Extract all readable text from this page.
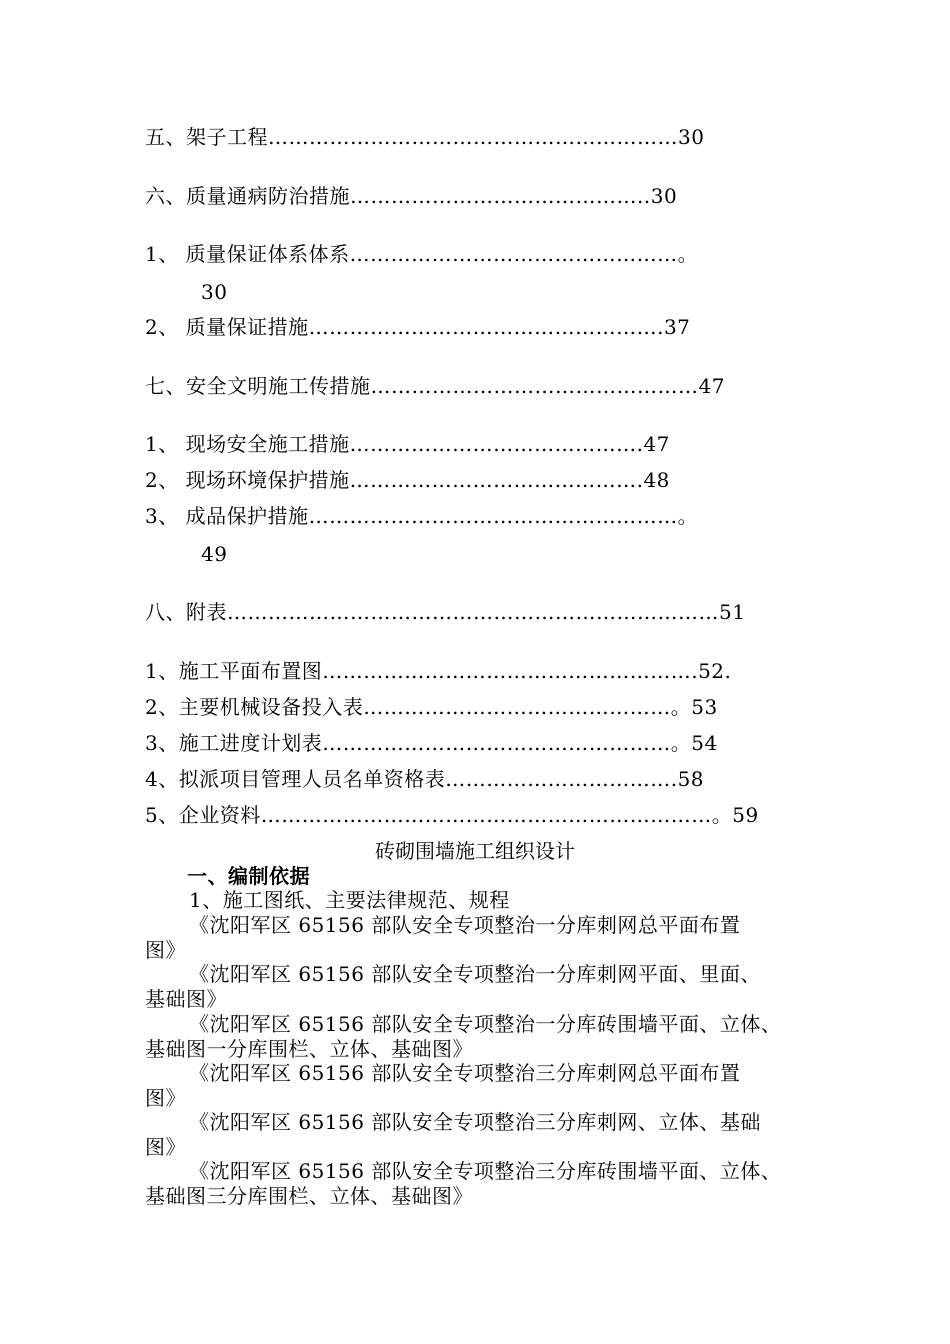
五、架子工程……………………………………………………30
六、质量通病防治措施……………………………………..30
1、 质量保证体系体系…………………………………………。
30
2、 质量保证措施…………………………………………….37
七、安全文明施工传措施…………………………………………47
1、 现场安全施工措施…………………………………….47
2、 现场环境保护措施…………………………………….48
3、 成品保护措施………………………………………………。
49
八、附表………………………………………………………………51
1、施工平面布置图……………………………………………….52.
2、主要机械设备投入表………………………………………。53
3、施工进度计划表……………………………………………。54
4、拟派项目管理人员名单资格表…………………………….58
5、企业资料…………………………………………………………。59
砖砌围墙施工组织设计
一、编制依据
1、施工图纸、主要法律规范、规程
《沈阳军区 65156 部队安全专项整治一分库刺网总平面布置
图》
《沈阳军区 65156 部队安全专项整治一分库刺网平面、里面、
基础图》
《沈阳军区 65156 部队安全专项整治一分库砖围墙平面、立体、
基础图一分库围栏、立体、基础图》
《沈阳军区 65156 部队安全专项整治三分库刺网总平面布置
图》
《沈阳军区 65156 部队安全专项整治三分库刺网、立体、基础
图》
《沈阳军区 65156 部队安全专项整治三分库砖围墙平面、立体、
基础图三分库围栏、立体、基础图》
